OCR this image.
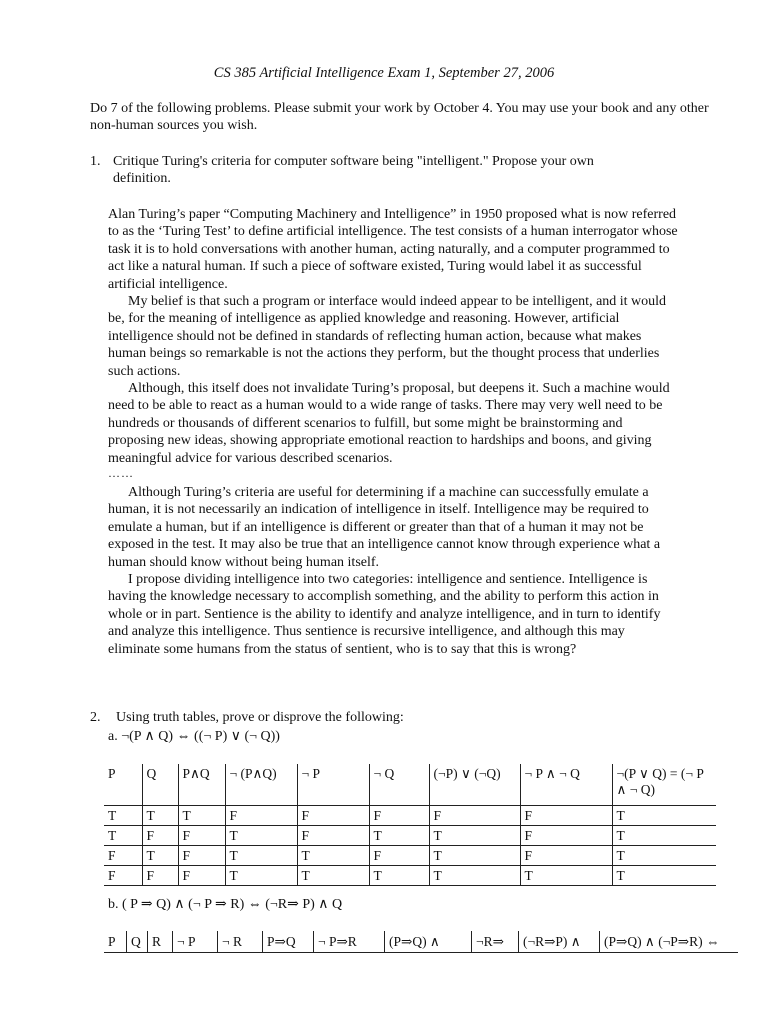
CS 385 Artificial Intelligence Exam 1, September 27, 2006
Do 7 of the following problems. Please submit your work by October 4. You may use your book and any other non-human sources you wish.
1. Critique Turing's criteria for computer software being "intelligent." Propose your own definition.

Alan Turing’s paper “Computing Machinery and Intelligence” in 1950 proposed what is now referred to as the ‘Turing Test’ to define artificial intelligence. The test consists of a human interrogator whose task it is to hold conversations with another human, acting naturally, and a computer programmed to act like a natural human. If such a piece of software existed, Turing would label it as successful artificial intelligence.

My belief is that such a program or interface would indeed appear to be intelligent, and it would be, for the meaning of intelligence as applied knowledge and reasoning. However, artificial intelligence should not be defined in standards of reflecting human action, because what makes human beings so remarkable is not the actions they perform, but the thought process that underlies such actions.

Although, this itself does not invalidate Turing’s proposal, but deepens it. Such a machine would need to be able to react as a human would to a wide range of tasks. There may very well need to be hundreds or thousands of different scenarios to fulfill, but some might be brainstorming and proposing new ideas, showing appropriate emotional reaction to hardships and boons, and giving meaningful advice for various described scenarios.

……

Although Turing’s criteria are useful for determining if a machine can successfully emulate a human, it is not necessarily an indication of intelligence in itself. Intelligence may be required to emulate a human, but if an intelligence is different or greater than that of a human it may not be exposed in the test. It may also be true that an intelligence cannot know through experience what a human should know without being human itself.

I propose dividing intelligence into two categories: intelligence and sentience. Intelligence is having the knowledge necessary to accomplish something, and the ability to perform this action in whole or in part. Sentience is the ability to identify and analyze intelligence, and in turn to identify and analyze this intelligence. Thus sentience is recursive intelligence, and although this may eliminate some humans from the status of sentient, who is to say that this is wrong?

2. Using truth tables, prove or disprove the following:
a. ¬(P ∧ Q) ⇔ ((¬ P) ∨ (¬ Q))
P	Q	P∧Q	¬ (P∧Q)	¬ P	¬ Q	(¬P) ∨ (¬Q)	¬ P ∧ ¬ Q	¬(P ∨ Q) = (¬ P ∧ ¬ Q)
T	T	T	F	F	F	F	F	T
T	F	F	T	F	T	T	F	T
F	T	F	T	T	F	T	F	T
F	F	F	T	T	T	T	T	T
b. ( P ⇒ Q) ∧ (¬ P ⇒ R) ⇔ (¬R⇒ P) ∧ Q
P	Q	R	¬ P	¬ R	P⇒Q	¬ P⇒R	(P⇒Q) ∧	¬R⇒	(¬R⇒P) ∧	(P⇒Q) ∧ (¬P⇒R) ⇔
